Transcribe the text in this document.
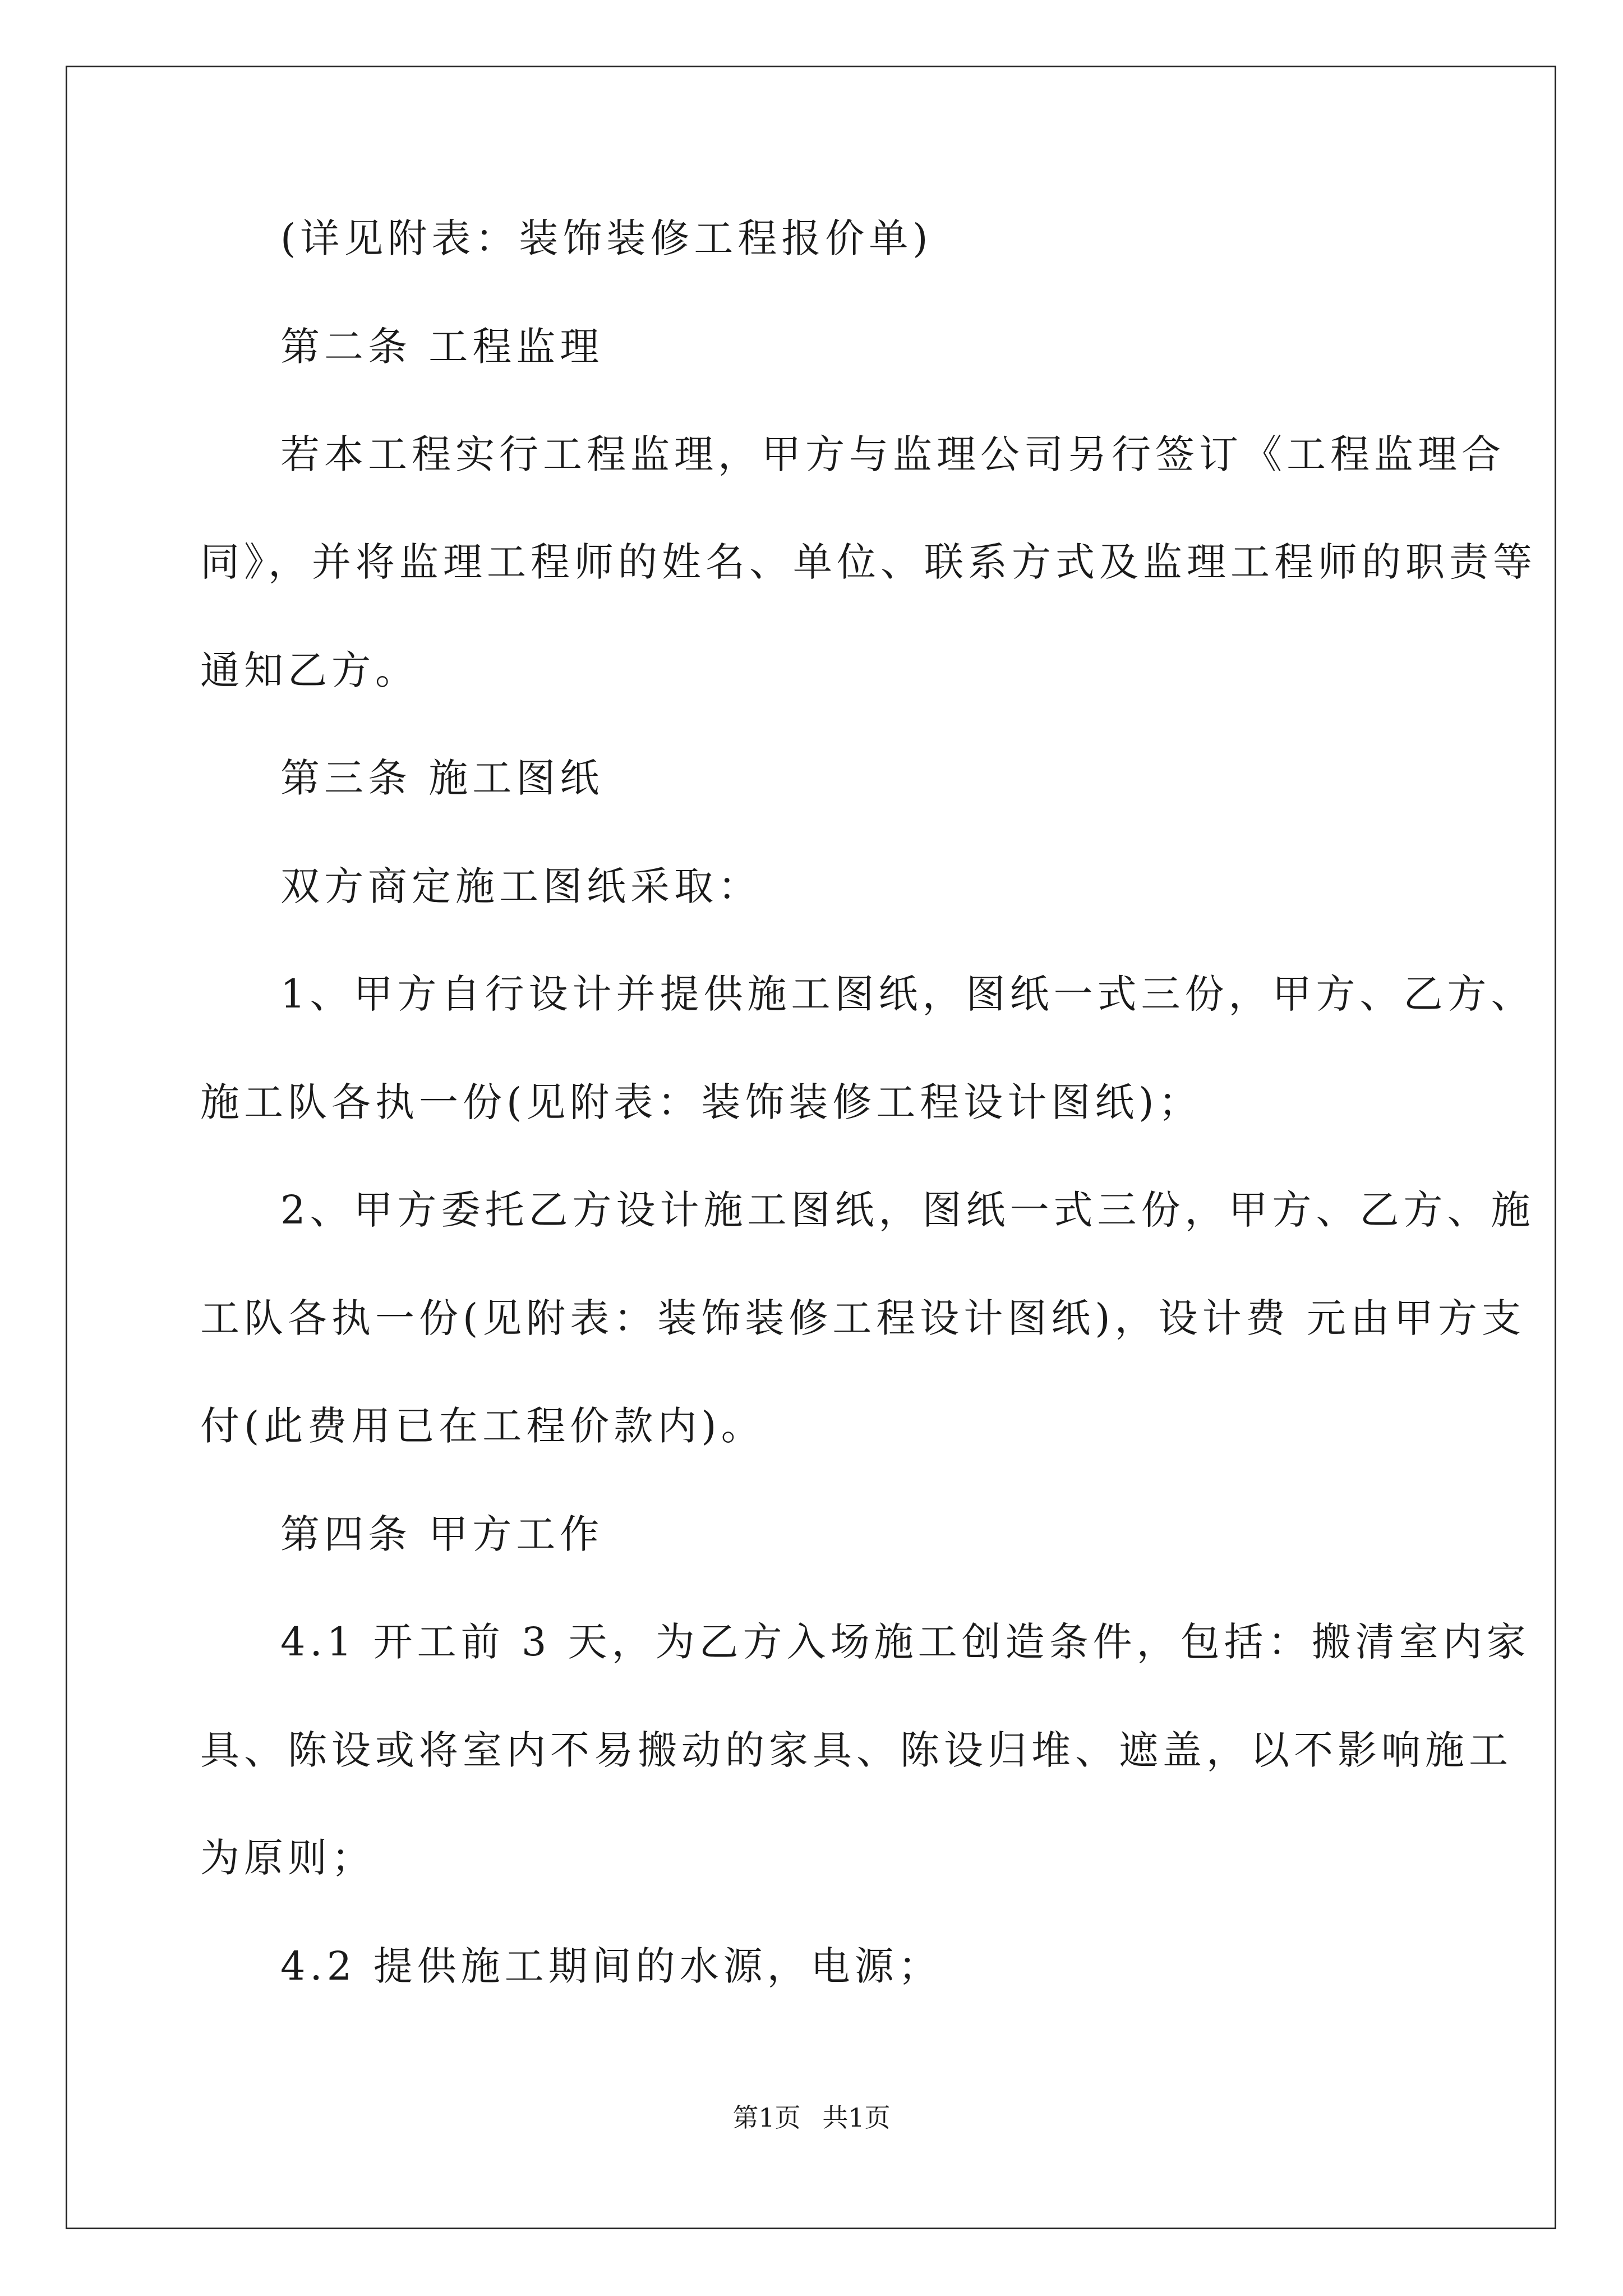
(详见附表：装饰装修工程报价单)
第二条 工程监理
若本工程实行工程监理，甲方与监理公司另行签订《工程监理合
同》，并将监理工程师的姓名、单位、联系方式及监理工程师的职责等
通知乙方。
第三条 施工图纸
双方商定施工图纸采取：
1、甲方自行设计并提供施工图纸，图纸一式三份，甲方、乙方、
施工队各执一份(见附表：装饰装修工程设计图纸)；
2、甲方委托乙方设计施工图纸，图纸一式三份，甲方、乙方、施
工队各执一份(见附表：装饰装修工程设计图纸)，设计费 元由甲方支
付(此费用已在工程价款内)。
第四条 甲方工作
4.1 开工前 3 天，为乙方入场施工创造条件，包括：搬清室内家
具、陈设或将室内不易搬动的家具、陈设归堆、遮盖，以不影响施工
为原则；
4.2 提供施工期间的水源，电源；
第1页 共1页
